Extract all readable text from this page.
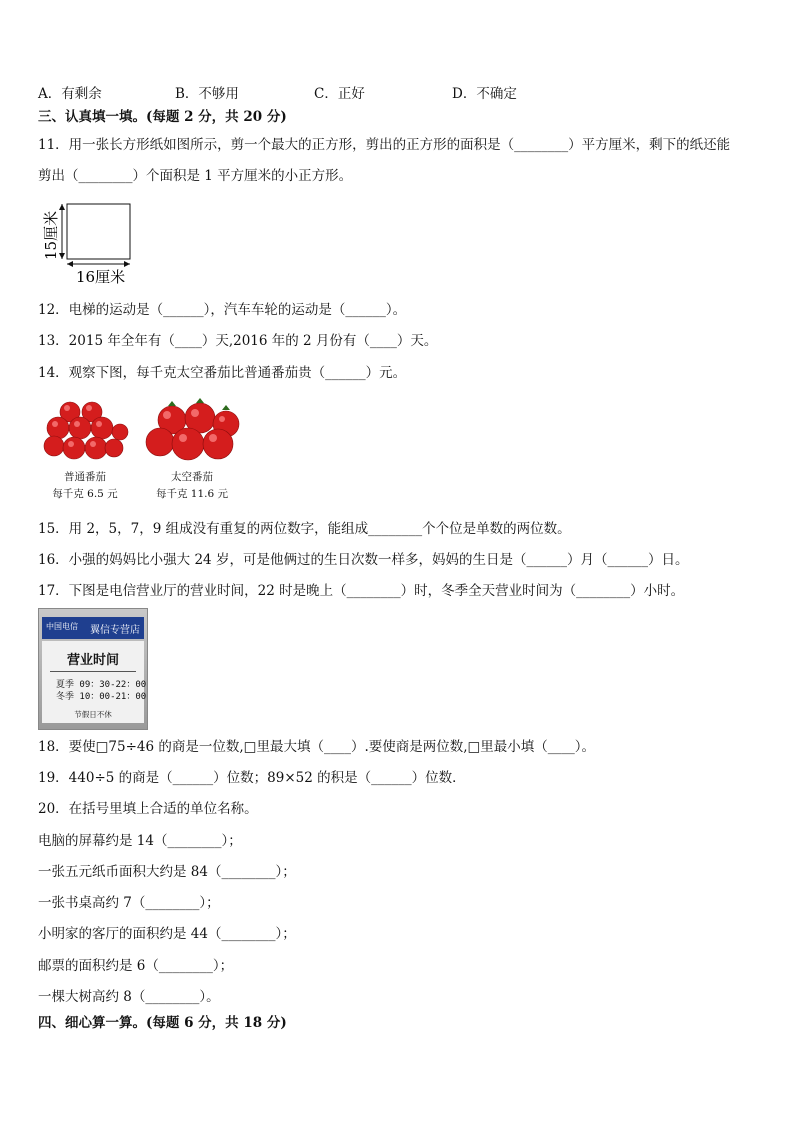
A．有剩余	B．不够用	C．正好	D．不确定
三、认真填一填。(每题 2 分，共 20 分)
11．用一张长方形纸如图所示，剪一个最大的正方形，剪出的正方形的面积是（________）平方厘米，剩下的纸还能
剪出（________）个面积是 1 平方厘米的小正方形。
15厘米
16厘米
12．电梯的运动是（______），汽车车轮的运动是（______）。
13．2015 年全年有（____）天,2016 年的 2 月份有（____）天。
14．观察下图，每千克太空番茄比普通番茄贵（______）元。
普通番茄
每千克 6.5 元
太空番茄
每千克 11.6 元
15．用 2，5，7，9 组成没有重复的两位数字，能组成________个个位是单数的两位数。
16．小强的妈妈比小强大 24 岁，可是他俩过的生日次数一样多，妈妈的生日是（______）月（______）日。
17．下图是电信营业厅的营业时间，22 时是晚上（________）时，冬季全天营业时间为（________）小时。
中国电信 翼信专营店
营业时间
夏季 09：30-22：00
冬季 10：00-21：00
节假日不休
18．要使□75÷46 的商是一位数,□里最大填（____）.要使商是两位数,□里最小填（____）。
19．440÷5 的商是（______）位数；89×52 的积是（______）位数．
20．在括号里填上合适的单位名称。
电脑的屏幕约是 14（________）；
一张五元纸币面积大约是 84（________）；
一张书桌高约 7（________）；
小明家的客厅的面积约是 44（________）；
邮票的面积约是 6（________）；
一棵大树高约 8（________）。
四、细心算一算。(每题 6 分，共 18 分)
